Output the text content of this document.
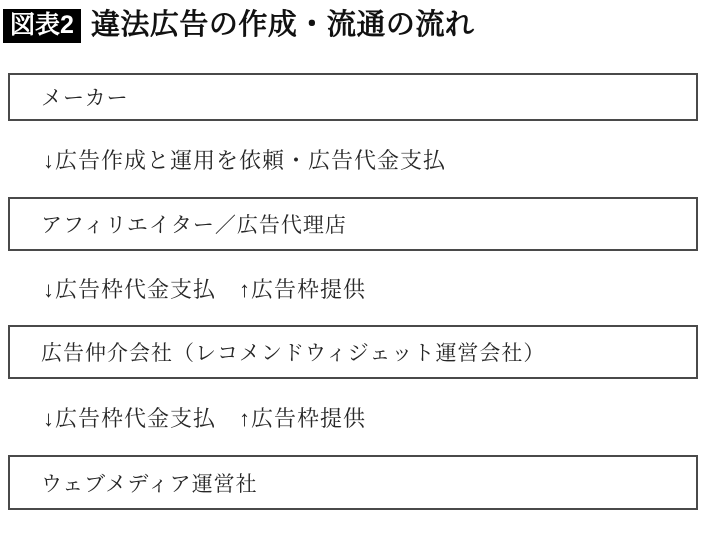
図表2 違法広告の作成・流通の流れ
メーカー
↓広告作成と運用を依頼・広告代金支払
アフィリエイター／広告代理店
↓広告枠代金支払　↑広告枠提供
広告仲介会社（レコメンドウィジェット運営会社）
↓広告枠代金支払　↑広告枠提供
ウェブメディア運営社
